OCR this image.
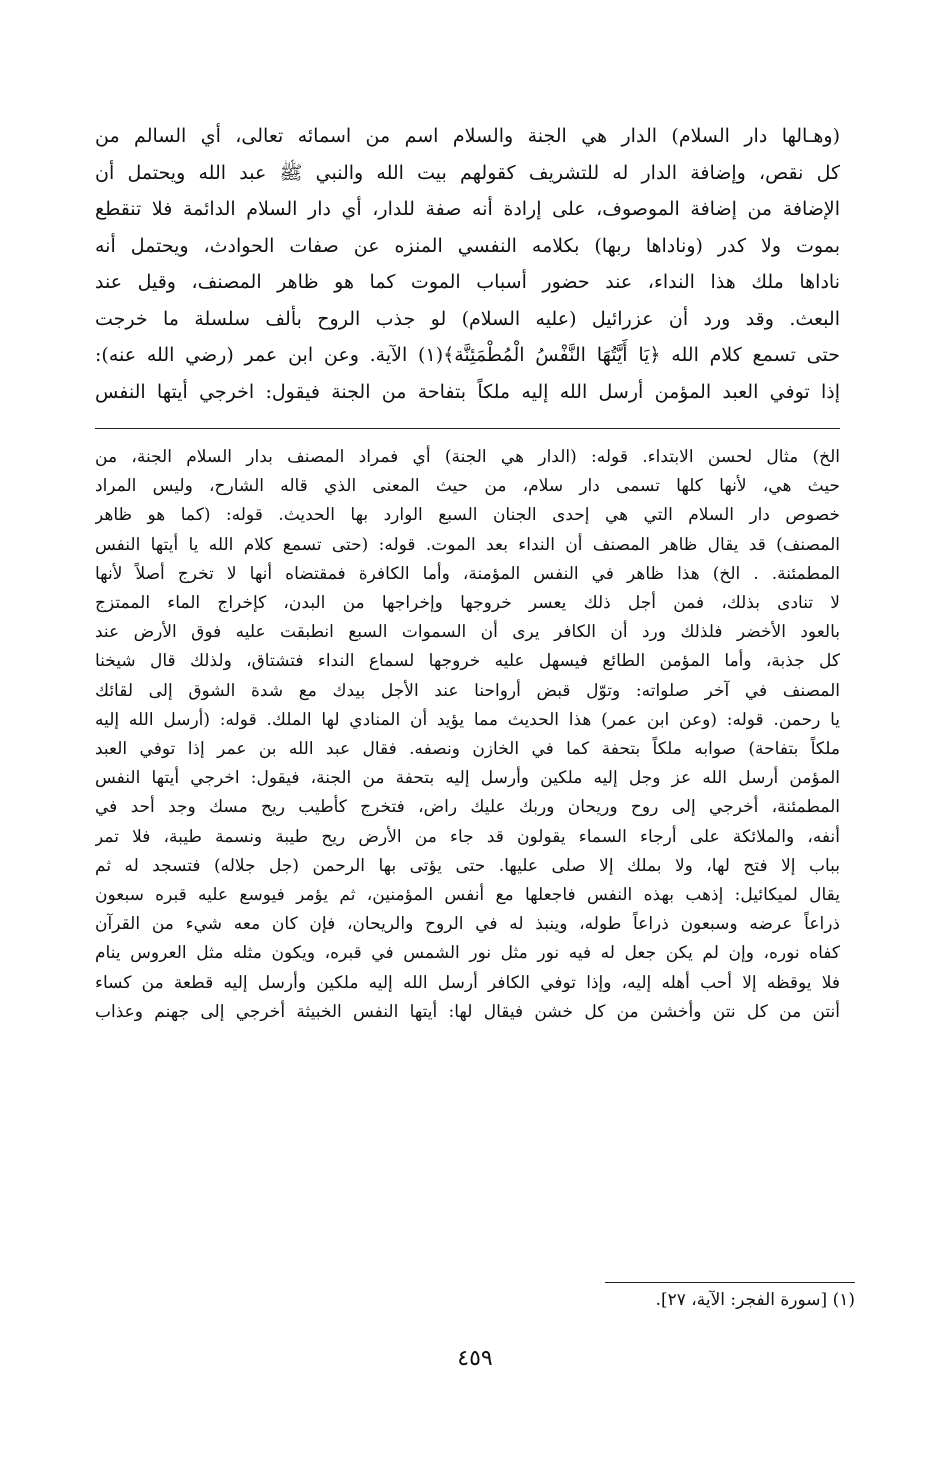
(وهـالها دار السلام) الدار هي الجنة والسلام اسم من اسمائه تعالى، أي السالم من
كل نقص، وإضافة الدار له للتشريف كقولهم بيت الله والنبي ﷺ عبد الله ويحتمل أن
الإضافة من إضافة الموصوف، على إرادة أنه صفة للدار، أي دار السلام الدائمة فلا تنقطع
بموت ولا كدر (وناداها ربها) بكلامه النفسي المنزه عن صفات الحوادث، ويحتمل أنه
ناداها ملك هذا النداء، عند حضور أسباب الموت كما هو ظاهر المصنف، وقيل عند
البعث. وقد ورد أن عزرائيل (عليه السلام) لو جذب الروح بألف سلسلة ما خرجت
حتى تسمع كلام الله ﴿يَا أَيَّتُهَا النَّفْسُ الْمُطْمَئِنَّة﴾(١) الآية. وعن ابن عمر (رضي الله عنه):
إذا توفي العبد المؤمن أرسل الله إليه ملكاً بتفاحة من الجنة فيقول: اخرجي أيتها النفس
الخ) مثال لحسن الابتداء. قوله: (الدار هي الجنة) أي فمراد المصنف بدار السلام الجنة، من
حيث هي، لأنها كلها تسمى دار سلام، من حيث المعنى الذي قاله الشارح، وليس المراد
خصوص دار السلام التي هي إحدى الجنان السبع الوارد بها الحديث. قوله: (كما هو ظاهر
المصنف) قد يقال ظاهر المصنف أن النداء بعد الموت. قوله: (حتى تسمع كلام الله يا أيتها النفس
المطمئنة. . الخ) هذا ظاهر في النفس المؤمنة، وأما الكافرة فمقتضاه أنها لا تخرج أصلاً لأنها
لا تنادى بذلك، فمن أجل ذلك يعسر خروجها وإخراجها من البدن، كإخراج الماء الممتزج
بالعود الأخضر فلذلك ورد أن الكافر يرى أن السموات السبع انطبقت عليه فوق الأرض عند
كل جذبة، وأما المؤمن الطائع فيسهل عليه خروجها لسماع النداء فتشتاق، ولذلك قال شيخنا
المصنف في آخر صلواته: وتوّل قبض أرواحنا عند الأجل بيدك مع شدة الشوق إلى لقائك
يا رحمن. قوله: (وعن ابن عمر) هذا الحديث مما يؤيد أن المنادي لها الملك. قوله: (أرسل الله إليه
ملكاً بتفاحة) صوابه ملكاً بتحفة كما في الخازن ونصفه. فقال عبد الله بن عمر إذا توفي العبد
المؤمن أرسل الله عز وجل إليه ملكين وأرسل إليه بتحفة من الجنة، فيقول: اخرجي أيتها النفس
المطمئنة، أخرجي إلى روح وريحان وربك عليك راض، فتخرج كأطيب ريح مسك وجد أحد في
أنفه، والملائكة على أرجاء السماء يقولون قد جاء من الأرض ريح طيبة ونسمة طيبة، فلا تمر
بباب إلا فتح لها، ولا بملك إلا صلى عليها. حتى يؤتى بها الرحمن (جل جلاله) فتسجد له ثم
يقال لميكائيل: إذهب بهذه النفس فاجعلها مع أنفس المؤمنين، ثم يؤمر فيوسع عليه قبره سبعون
ذراعاً عرضه وسبعون ذراعاً طوله، وينبذ له في الروح والريحان، فإن كان معه شيء من القرآن
كفاه نوره، وإن لم يكن جعل له فيه نور مثل نور الشمس في قبره، ويكون مثله مثل العروس ينام
فلا يوقظه إلا أحب أهله إليه، وإذا توفي الكافر أرسل الله إليه ملكين وأرسل إليه قطعة من كساء
أنتن من كل نتن وأخشن من كل خشن فيقال لها: أيتها النفس الخبيثة أخرجي إلى جهنم وعذاب
(١) [سورة الفجر: الآية، ٢٧].
٤٥٩
